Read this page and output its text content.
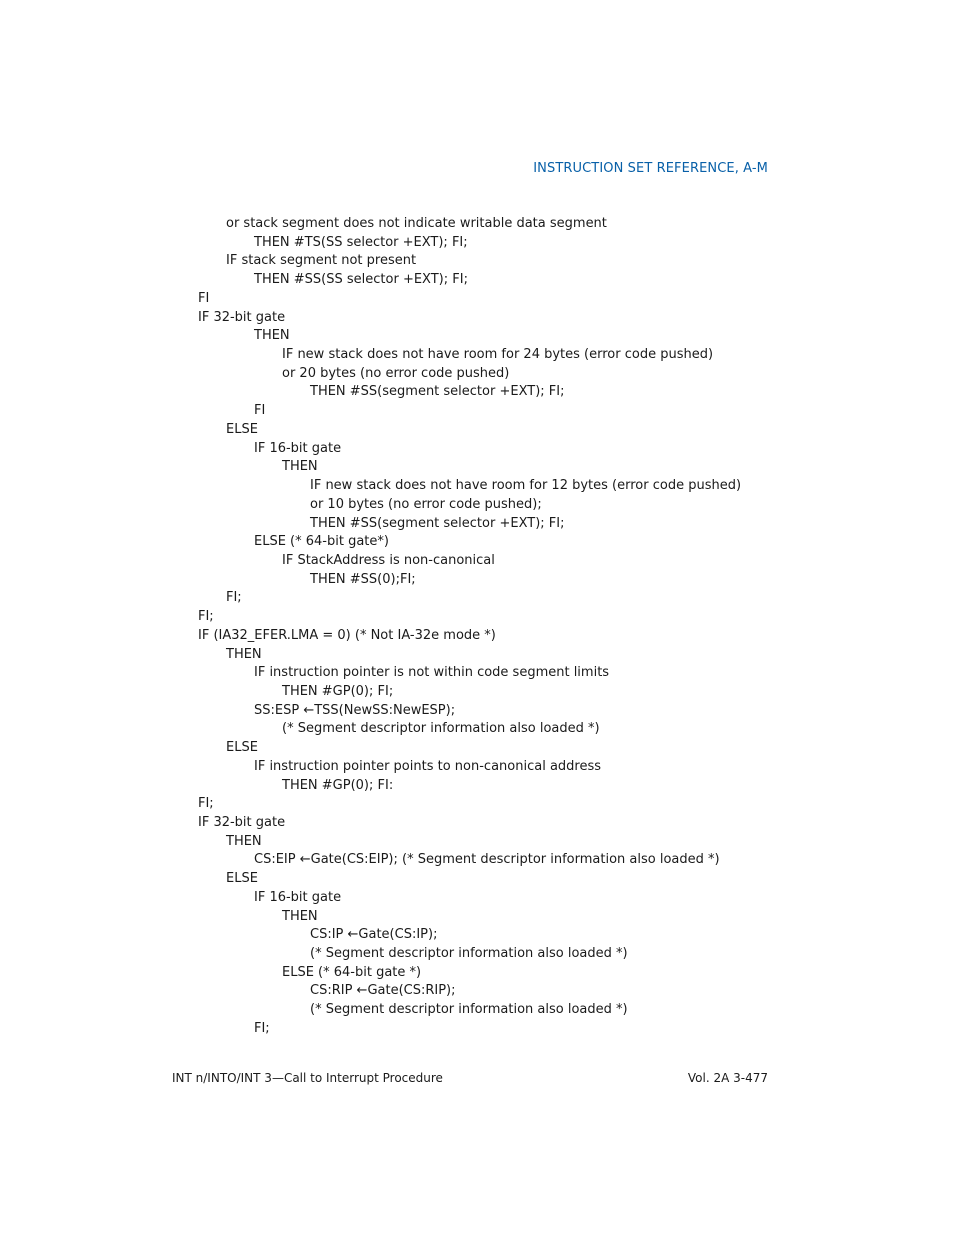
INSTRUCTION SET REFERENCE, A-M
or stack segment does not indicate writable data segment
THEN #TS(SS selector +EXT); FI;
IF stack segment not present
THEN #SS(SS selector +EXT); FI;
FI
IF 32-bit gate
THEN
IF new stack does not have room for 24 bytes (error code pushed)
or 20 bytes (no error code pushed)
THEN #SS(segment selector +EXT); FI;
FI
ELSE
IF 16-bit gate
THEN
IF new stack does not have room for 12 bytes (error code pushed)
or 10 bytes (no error code pushed);
THEN #SS(segment selector +EXT); FI;
ELSE (* 64-bit gate*)
IF StackAddress is non-canonical
THEN #SS(0);FI;
FI;
FI;
IF (IA32_EFER.LMA = 0) (* Not IA-32e mode *)
THEN
IF instruction pointer is not within code segment limits
THEN #GP(0); FI;
SS:ESP ←TSS(NewSS:NewESP);
(* Segment descriptor information also loaded *)
ELSE
IF instruction pointer points to non-canonical address
THEN #GP(0); FI:
FI;
IF 32-bit gate
THEN
CS:EIP ←Gate(CS:EIP); (* Segment descriptor information also loaded *)
ELSE
IF 16-bit gate
THEN
CS:IP ←Gate(CS:IP);
(* Segment descriptor information also loaded *)
ELSE (* 64-bit gate *)
CS:RIP ←Gate(CS:RIP);
(* Segment descriptor information also loaded *)
FI;
INT n/INTO/INT 3—Call to Interrupt Procedure	Vol. 2A 3-477
